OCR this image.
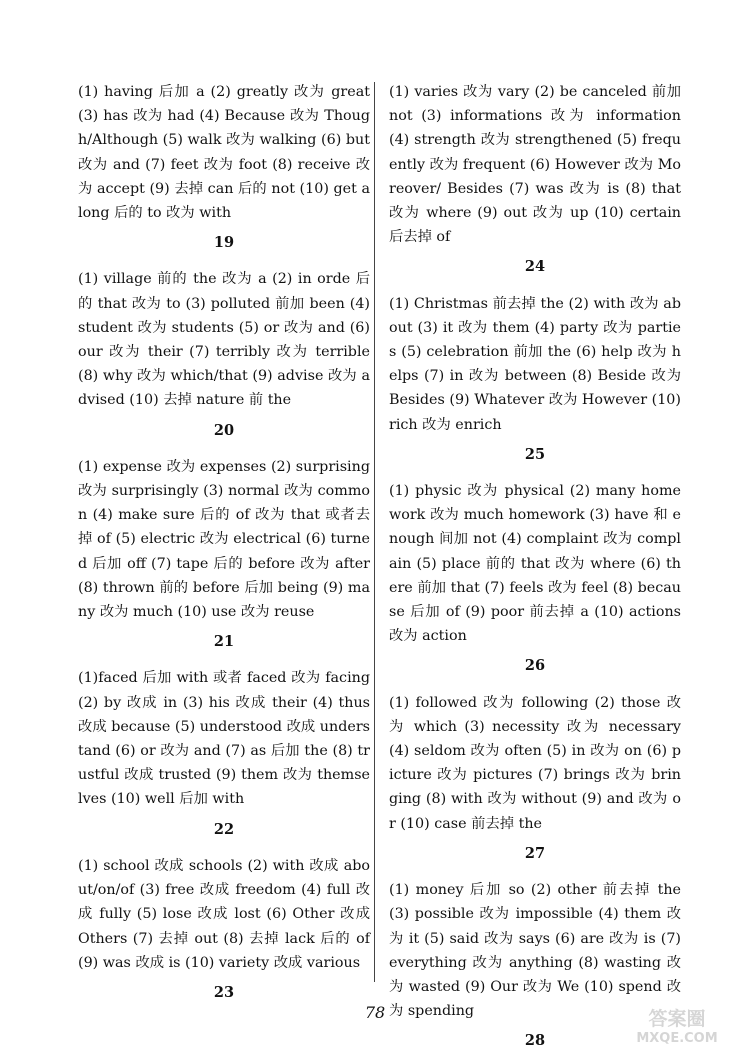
(1) having 后加 a (2) greatly 改为 great (3) has 改为 had (4) Because 改为 Though/Although (5) walk 改为 walking (6) but 改为 and (7) feet 改为 foot (8) receive 改为 accept (9) 去掉 can 后的 not (10) get along 后的 to 改为 with

19

(1) village 前的 the 改为 a (2) in orde 后的 that 改为 to (3) polluted 前加 been (4) student 改为 students (5) or 改为 and (6) our 改为 their (7) terribly 改为 terrible (8) why 改为 which/that (9) advise 改为 advised (10) 去掉 nature 前 the

20

(1) expense 改为 expenses (2) surprising 改为 surprisingly (3) normal 改为 common (4) make sure 后的 of 改为 that 或者去掉 of (5) electric 改为 electrical (6) turned 后加 off (7) tape 后的 before 改为 after (8) thrown 前的 before 后加 being (9) many 改为 much (10) use 改为 reuse

21

(1)faced 后加 with 或者 faced 改为 facing (2) by 改成 in (3) his 改成 their (4) thus 改成 because (5) understood 改成 understand (6) or 改为 and (7) as 后加 the (8) trustful 改成 trusted (9) them 改为 themselves (10) well 后加 with

22

(1) school 改成 schools (2) with 改成 about/on/of (3) free 改成 freedom (4) full 改成 fully (5) lose 改成 lost (6) Other 改成 Others (7) 去掉 out (8) 去掉 lack 后的 of (9) was 改成 is (10) variety 改成 various

23

(1) varies 改为 vary (2) be canceled 前加 not (3) informations 改为 information (4) strength 改为 strengthened (5) frequently 改为 frequent (6) However 改为 Moreover/ Besides (7) was 改为 is (8) that 改为 where (9) out 改为 up (10) certain 后去掉 of

24

(1) Christmas 前去掉 the (2) with 改为 about (3) it 改为 them (4) party 改为 parties (5) celebration 前加 the (6) help 改为 helps (7) in 改为 between (8) Beside 改为 Besides (9) Whatever 改为 However (10) rich 改为 enrich

25

(1) physic 改为 physical (2) many homework 改为 much homework (3) have 和 enough 间加 not (4) complaint 改为 complain (5) place 前的 that 改为 where (6) there 前加 that (7) feels 改为 feel (8) because 后加 of (9) poor 前去掉 a (10) actions 改为 action

26

(1) followed 改为 following (2) those 改为 which (3) necessity 改为 necessary (4) seldom 改为 often (5) in 改为 on (6) picture 改为 pictures (7) brings 改为 bringing (8) with 改为 without (9) and 改为 or (10) case 前去掉 the

27

(1) money 后加 so (2) other 前去掉 the (3) possible 改为 impossible (4) them 改为 it (5) said 改为 says (6) are 改为 is (7) everything 改为 anything (8) wasting 改为 wasted (9) Our 改为 We (10) spend 改为 spending

28
78	答案圈
MXQE.COM
